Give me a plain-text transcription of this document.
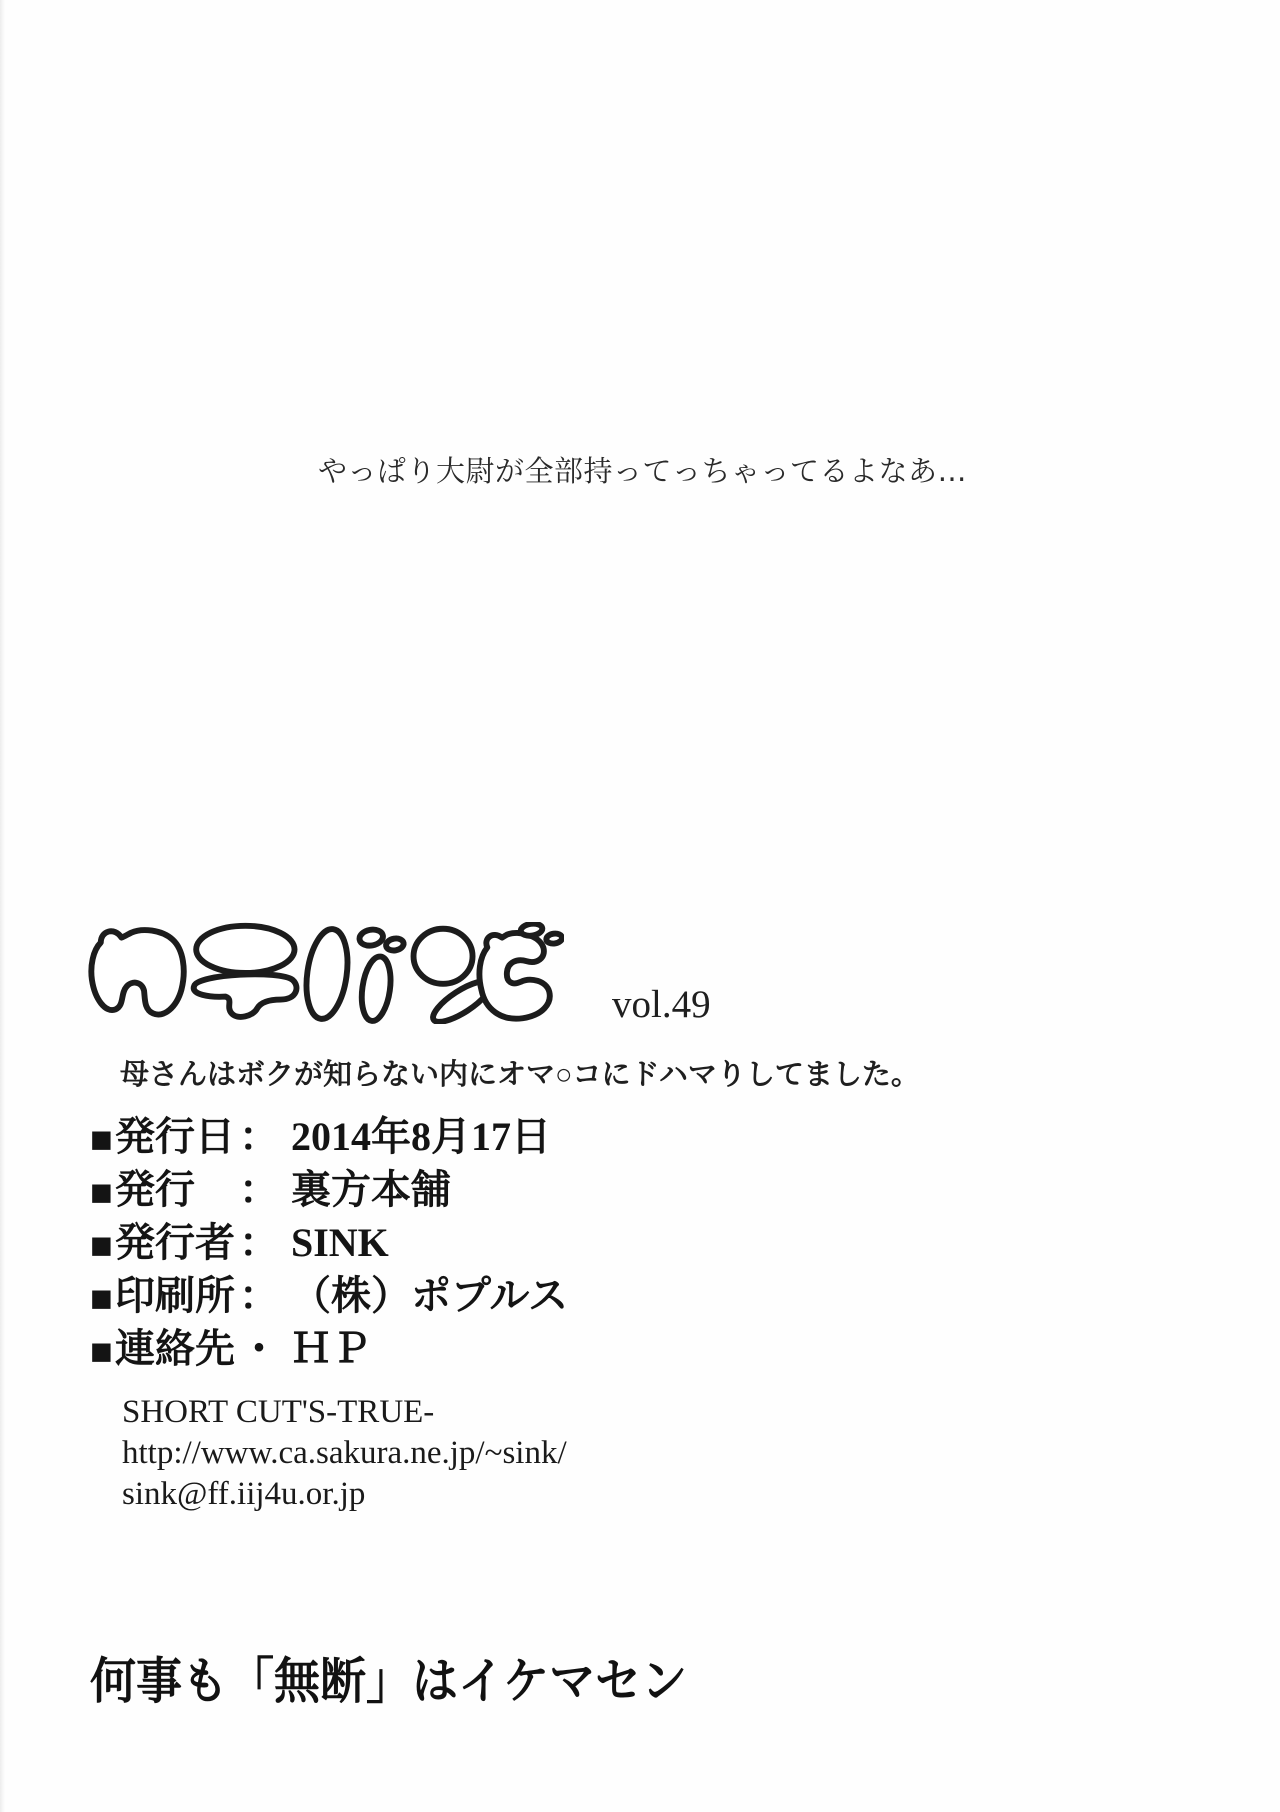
やっぱり大尉が全部持ってっちゃってるよなあ…
vol.49
母さんはボクが知らない内にオマ○コにドハマりしてました。
■発行日 ： 2014年8月17日
■発行 ： 裏方本舗
■発行者 ： SINK
■印刷所 ： （株）ポプルス
■連絡先 ・ ＨＰ
SHORT CUT'S-TRUE-
http://www.ca.sakura.ne.jp/~sink/
sink@ff.iij4u.or.jp
何事も「無断」はイケマセン
